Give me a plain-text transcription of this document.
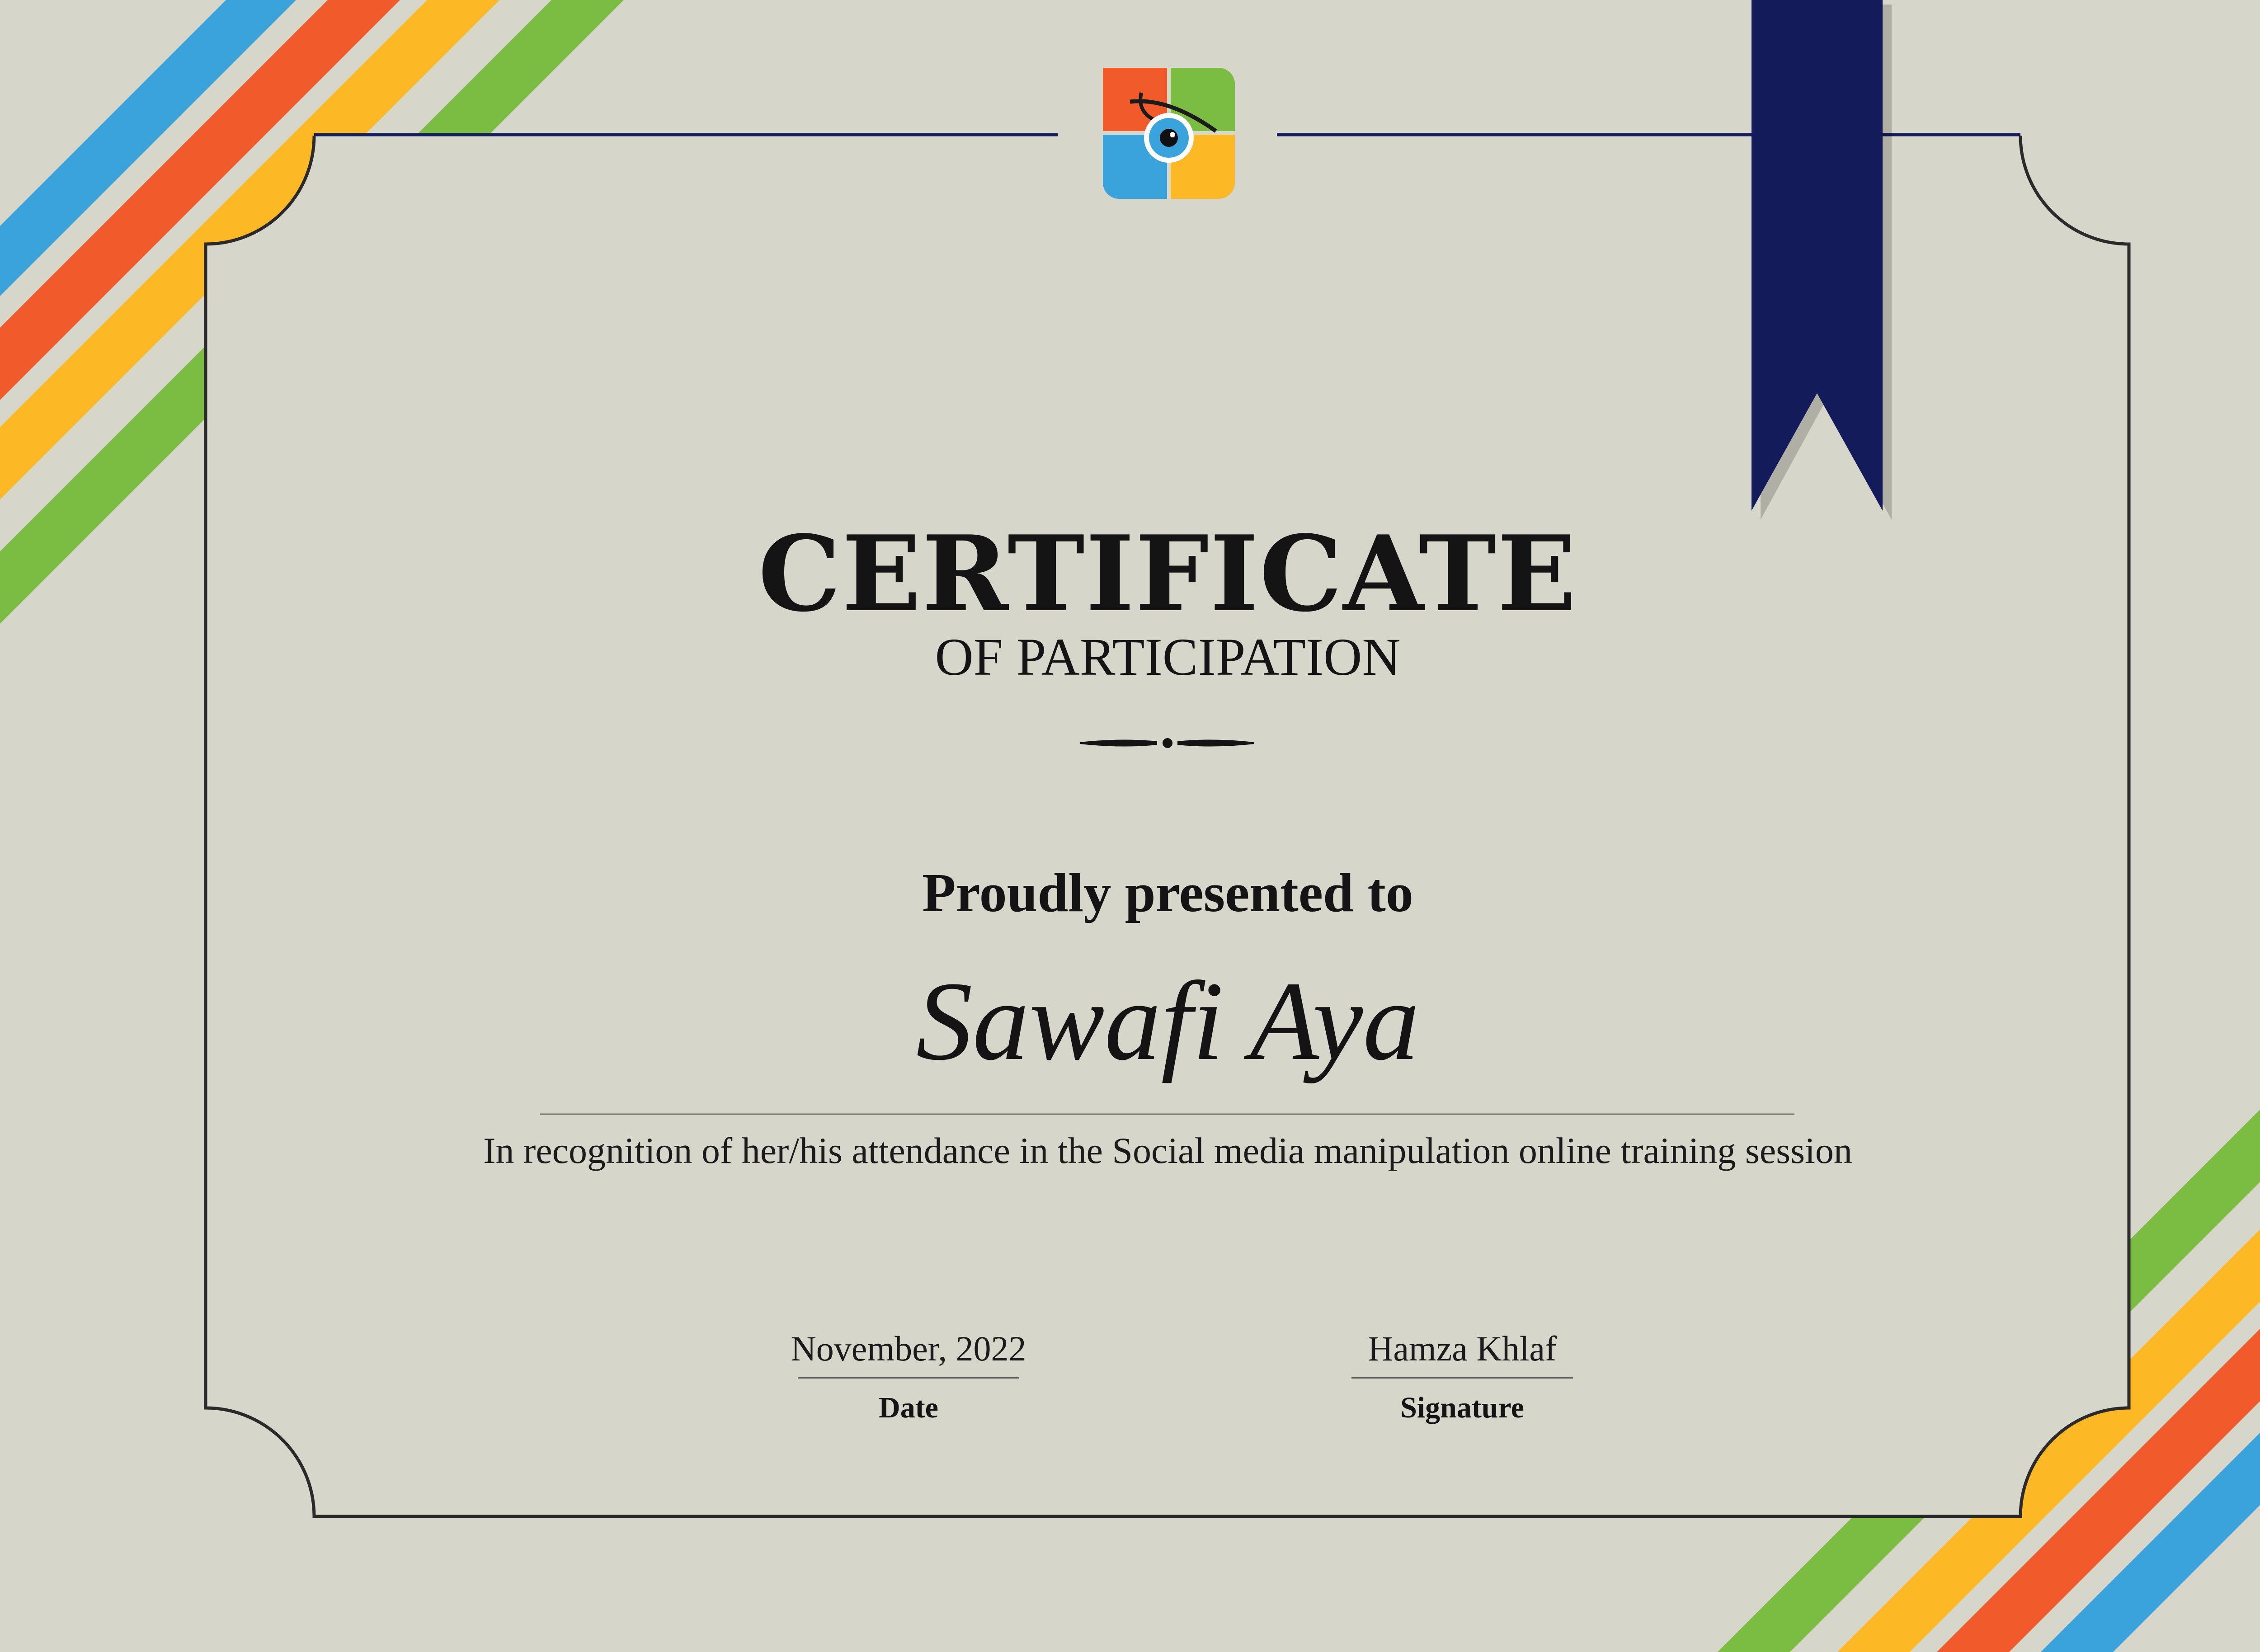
CERTIFICATE
OF PARTICIPATION
Proudly presented to
Sawafi Aya
In recognition of her/his attendance in the Social media manipulation online training session
November, 2022
Date
Hamza Khlaf
Signature
